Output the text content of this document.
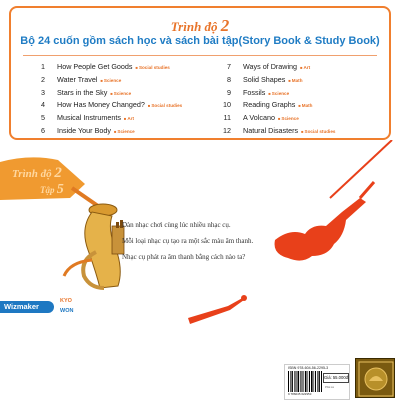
Trình độ 2
Bộ 24 cuốn gồm sách học và sách bài tập(Story Book & Study Book)
1 How People Get Goods ■ Social studies
2 Water Travel ■ Science
3 Stars in the Sky ■ Science
4 How Has Money Changed? ■ Social studies
5 Musical Instruments ■ Art
6 Inside Your Body ■ Science
7 Ways of Drawing ■ Art
8 Solid Shapes ■ Math
9 Fossils ■ Science
10 Reading Graphs ■ Math
11 A Volcano ■ Science
12 Natural Disasters ■ Social studies
Trình độ 2
Tập 5
Dàn nhạc chơi cùng lúc nhiều nhạc cụ.
Mỗi loại nhạc cụ tạo ra một sắc màu âm thanh.
Nhạc cụ phát ra âm thanh bằng cách nào ta?
Wizmaker
KYO
WON
ISBN 978-604-56-2295-3
9 786045 622953
Giá: 55.000đ
Phát sà
